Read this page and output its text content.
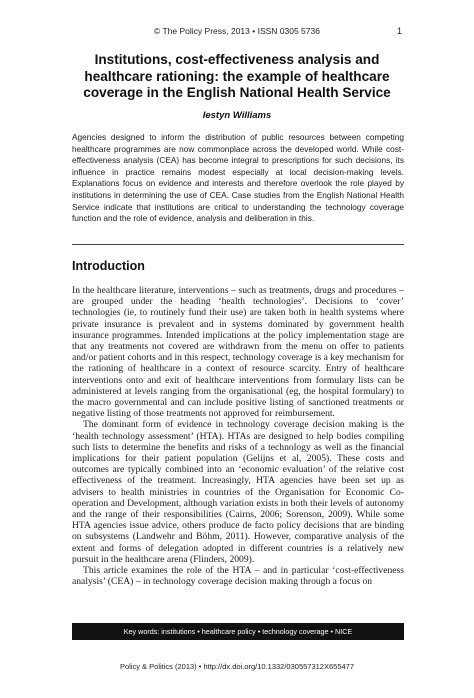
© The Policy Press, 2013 • ISSN 0305 5736	1
Institutions, cost-effectiveness analysis and healthcare rationing: the example of healthcare coverage in the English National Health Service
Iestyn Williams
Agencies designed to inform the distribution of public resources between competing healthcare programmes are now commonplace across the developed world. While cost-effectiveness analysis (CEA) has become integral to prescriptions for such decisions, its influence in practice remains modest especially at local decision-making levels. Explanations focus on evidence and interests and therefore overlook the role played by institutions in determining the use of CEA. Case studies from the English National Health Service indicate that institutions are critical to understanding the technology coverage function and the role of evidence, analysis and deliberation in this.
Introduction

In the healthcare literature, interventions – such as treatments, drugs and procedures – are grouped under the heading ‘health technologies’. Decisions to ‘cover’ technologies (ie, to routinely fund their use) are taken both in health systems where private insurance is prevalent and in systems dominated by government health insurance programmes. Intended implications at the policy implementation stage are that any treatments not covered are withdrawn from the menu on offer to patients and/or patient cohorts and in this respect, technology coverage is a key mechanism for the rationing of healthcare in a context of resource scarcity. Entry of healthcare interventions onto and exit of healthcare interventions from formulary lists can be administered at levels ranging from the organisational (eg, the hospital formulary) to the macro governmental and can include positive listing of sanctioned treatments or negative listing of those treatments not approved for reimbursement.

The dominant form of evidence in technology coverage decision making is the ‘health technology assessment’ (HTA). HTAs are designed to help bodies compiling such lists to determine the benefits and risks of a technology as well as the financial implications for their patient population (Gelijns et al, 2005). These costs and outcomes are typically combined into an ‘economic evaluation’ of the relative cost effectiveness of the treatment. Increasingly, HTA agencies have been set up as advisers to health ministries in countries of the Organisation for Economic Co-operation and Development, although variation exists in both their levels of autonomy and the range of their responsibilities (Cairns, 2006; Sorenson, 2009). While some HTA agencies issue advice, others produce de facto policy decisions that are binding on subsystems (Landwehr and Böhm, 2011). However, comparative analysis of the extent and forms of delegation adopted in different countries is a relatively new pursuit in the healthcare arena (Flinders, 2009).

This article examines the role of the HTA – and in particular ‘cost-effectiveness analysis’ (CEA) – in technology coverage decision making through a focus on

Key words: institutions • healthcare policy • technology coverage • NICE
Policy & Politics (2013) • http://dx.doi.org/10.1332/030557312X655477
